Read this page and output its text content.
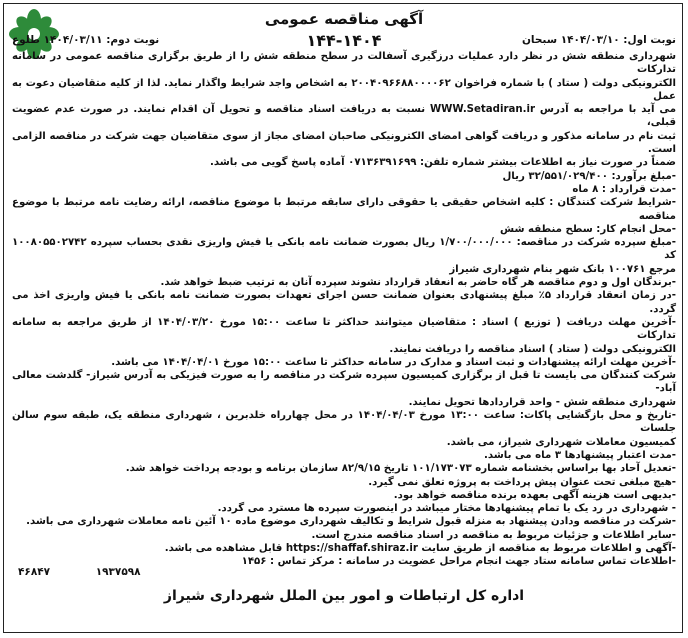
آگهی مناقصه عمومی
۱۴۴-۱۴۰۴	نوبت اول: ۱۴۰۴/۰۳/۱۰ سبحان
نوبت دوم: ۱۴۰۴/۰۳/۱۱ طلوع

شهرداری منطقه شش در نظر دارد عملیات درزگیری آسفالت در سطح منطقه شش را از طریق برگزاری مناقصه عمومی در سامانه تدارکات

الکترونیکی دولت ( ستاد ) با شماره فراخوان ۲۰۰۴۰۹۶۶۸۸۰۰۰۰۶۲ به اشخاص واجد شرایط واگذار نماید. لذا از کلیه متقاضیان دعوت به عمل

می آید با مراجعه به آدرس WWW.Setadiran.ir نسبت به دریافت اسناد مناقصه و تحویل آن اقدام نمایند. در صورت عدم عضویت قبلی،

ثبت نام در سامانه مذکور و دریافت گواهی امضای الکترونیکی صاحبان امضای مجاز از سوی متقاضیان جهت شرکت در مناقصه الزامی است.

ضمناً در صورت نیاز به اطلاعات بیشتر شماره تلفن: ۰۷۱۳۶۳۹۱۶۹۹ آماده پاسخ گویی می باشد.

-مبلغ برآورد: ۳۲/۵۵۱/۰۲۹/۴۰۰ ریال

-مدت قرارداد : ۸ ماه

-شرایط شرکت کنندگان : کلیه اشخاص حقیقی یا حقوقی دارای سابقه مرتبط با موضوع مناقصه، ارائه رضایت نامه مرتبط با موضوع مناقصه

-محل انجام کار: سطح منطقه شش

-مبلغ سپرده شرکت در مناقصه: ۱/۷۰۰/۰۰۰/۰۰۰ ریال بصورت ضمانت نامه بانکی یا فیش واریزی نقدی بحساب سپرده ۱۰۰۸۰۵۵۰۲۷۴۲ کد

مرجع ۱۰۰۷۶۱ بانک شهر بنام شهرداری شیراز

-برندگان اول و دوم مناقصه هر گاه حاضر به انعقاد قرارداد نشوند سپرده آنان به ترتیب ضبط خواهد شد.

-در زمان انعقاد قرارداد ۵٪ مبلغ پیشنهادی بعنوان ضمانت حسن اجرای تعهدات بصورت ضمانت نامه بانکی یا فیش واریزی اخذ می گردد.

-آخرین مهلت دریافت ( توزیع ) اسناد : متقاضیان میتوانند حداکثر تا ساعت ۱۵:۰۰ مورخ ۱۴۰۴/۰۳/۲۰ از طریق مراجعه به سامانه تدارکات

الکترونیکی دولت ( ستاد ) اسناد مناقصه را دریافت نمایند.

-آخرین مهلت ارائه پیشنهادات و ثبت اسناد و مدارک در سامانه حداکثر تا ساعت ۱۵:۰۰ مورخ ۱۴۰۴/۰۴/۰۱ می باشد.

شرکت کنندگان می بایست تا قبل از برگزاری کمیسیون سپرده شرکت در مناقصه را به صورت فیزیکی به آدرس شیراز- گلدشت معالی آباد-

شهرداری منطقه شش - واحد قراردادها تحویل نمایند.

-تاریخ و محل بازگشایی پاکات: ساعت ۱۳:۰۰ مورخ ۱۴۰۴/۰۴/۰۳ در محل چهارراه خلدبرین ، شهرداری منطقه یک، طبقه سوم سالن جلسات

کمیسیون معاملات شهرداری شیراز، می باشد.

-مدت اعتبار پیشنهادها ۳ ماه می باشد.

-تعدیل آحاد بها براساس بخشنامه شماره ۱۰۱/۱۷۳۰۷۳ تاریخ ۸۲/۹/۱۵ سازمان برنامه و بودجه پرداخت خواهد شد.

-هیچ مبلغی تحت عنوان پیش پرداخت به پروژه تعلق نمی گیرد.

-بدیهی است هزینه آگهی بعهده برنده مناقصه خواهد بود.

- شهرداری در رد یک یا تمام پیشنهادها مختار میباشد در اینصورت سپرده ها مسترد می گردد.

-شرکت در مناقصه ودادن پیشنهاد به منزله قبول شرایط و تکالیف شهرداری موضوع ماده ۱۰ آئین نامه معاملات شهرداری می باشد.

-سایر اطلاعات و جزئیات مربوط به مناقصه در اسناد مناقصه مندرج است.

-آگهی و اطلاعات مربوط به مناقصه از طریق سایت https://shaffaf.shiraz.ir قابل مشاهده می باشد.

-اطلاعات تماس سامانه ستاد جهت انجام مراحل عضویت در سامانه : مرکز تماس : ۱۴۵۶

۴۶۸۴۷	۱۹۳۷۵۹۸
اداره کل ارتباطات و امور بین الملل شهرداری شیراز
